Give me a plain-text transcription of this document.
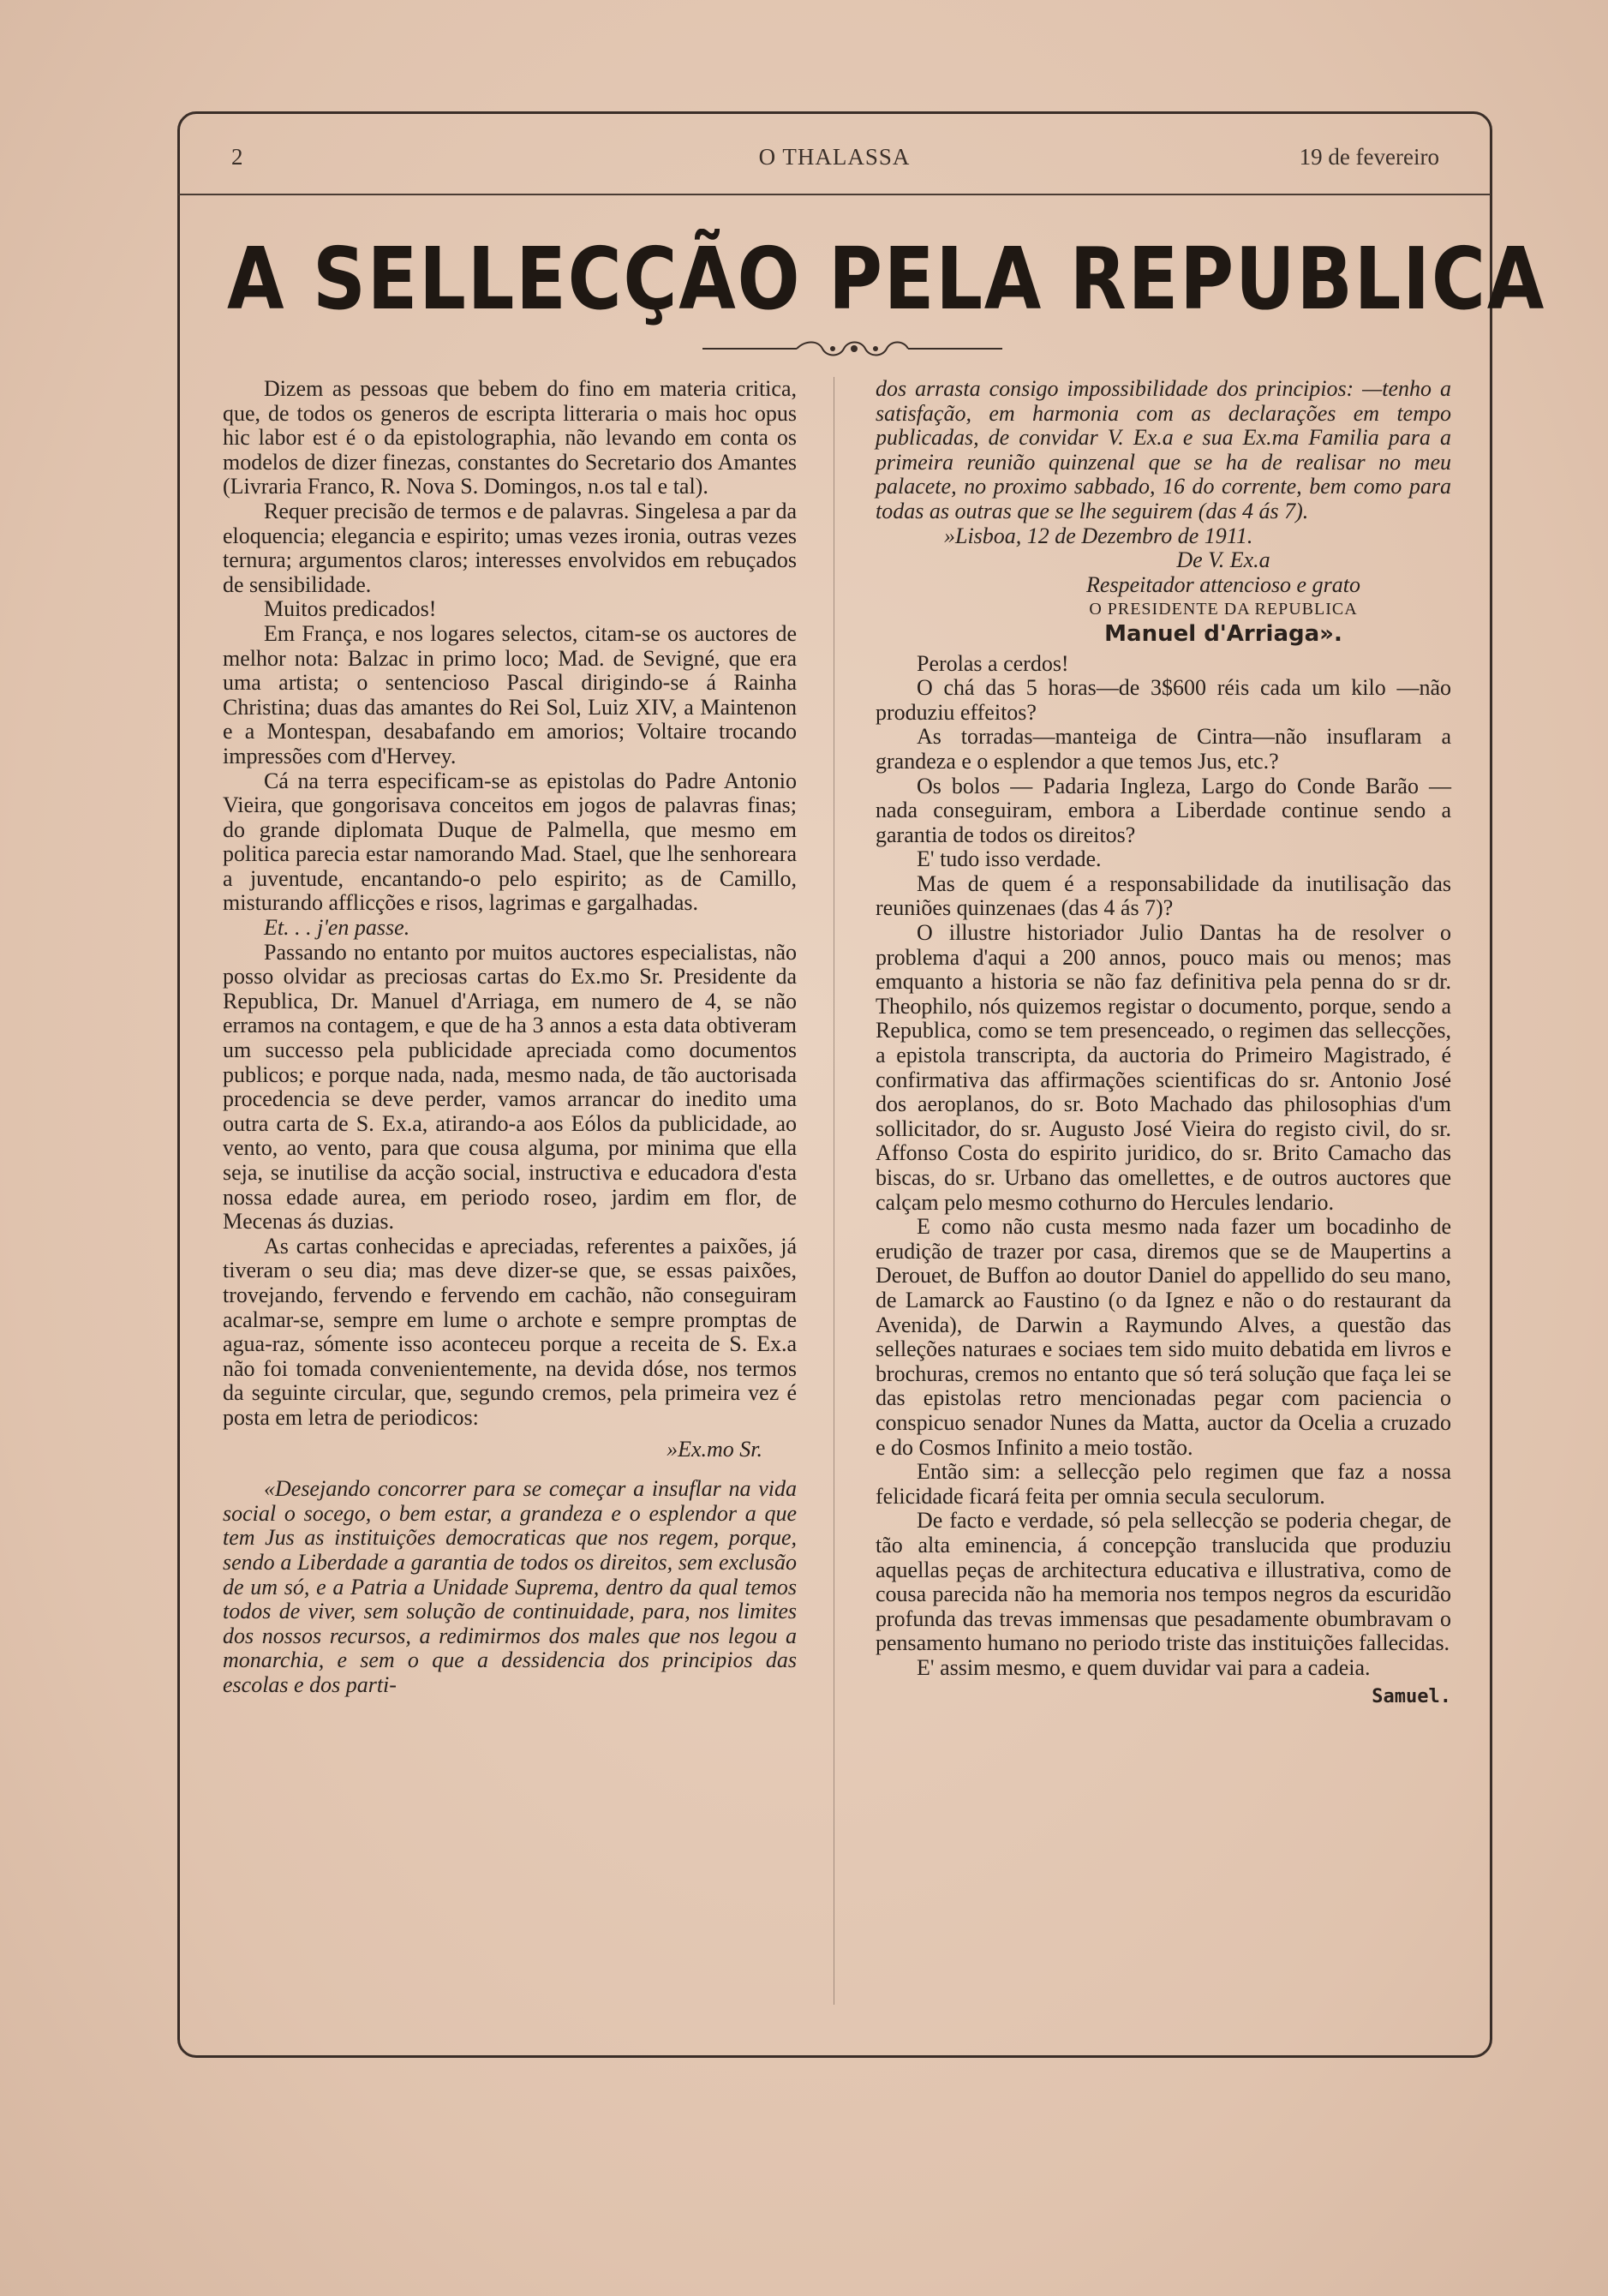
2	O THALASSA	19 de fevereiro
A SELLECÇÃO PELA REPUBLICA

Dizem as pessoas que bebem do fino em materia critica, que, de todos os generos de escripta litteraria o mais hoc opus hic labor est é o da epistolographia, não levando em conta os modelos de dizer finezas, constantes do Secretario dos Amantes (Livraria Franco, R. Nova S. Domingos, n.os tal e tal).

Requer precisão de termos e de palavras. Singelesa a par da eloquencia; elegancia e espirito; umas vezes ironia, outras vezes ternura; argumentos claros; interesses envolvidos em rebuçados de sensibilidade.

Muitos predicados!

Em França, e nos logares selectos, citam-se os auctores de melhor nota: Balzac in primo loco; Mad. de Sevigné, que era uma artista; o sentencioso Pascal dirigindo-se á Rainha Christina; duas das amantes do Rei Sol, Luiz XIV, a Maintenon e a Montespan, desabafando em amorios; Voltaire trocando impressões com d'Hervey.

Cá na terra especificam-se as epistolas do Padre Antonio Vieira, que gongorisava conceitos em jogos de palavras finas; do grande diplomata Duque de Palmella, que mesmo em politica parecia estar namorando Mad. Stael, que lhe senhoreara a juventude, encantando-o pelo espirito; as de Camillo, misturando afflicções e risos, lagrimas e gargalhadas.

Et. . . j'en passe.

Passando no entanto por muitos auctores especialistas, não posso olvidar as preciosas cartas do Ex.mo Sr. Presidente da Republica, Dr. Manuel d'Arriaga, em numero de 4, se não erramos na contagem, e que de ha 3 annos a esta data obtiveram um successo pela publicidade apreciada como documentos publicos; e porque nada, nada, mesmo nada, de tão auctorisada procedencia se deve perder, vamos arrancar do inedito uma outra carta de S. Ex.a, atirando-a aos Eólos da publicidade, ao vento, ao vento, para que cousa alguma, por minima que ella seja, se inutilise da acção social, instructiva e educadora d'esta nossa edade aurea, em periodo roseo, jardim em flor, de Mecenas ás duzias.

As cartas conhecidas e apreciadas, referentes a paixões, já tiveram o seu dia; mas deve dizer-se que, se essas paixões, trovejando, fervendo e fervendo em cachão, não conseguiram acalmar-se, sempre em lume o archote e sempre promptas de agua-raz, sómente isso aconteceu porque a receita de S. Ex.a não foi tomada convenientemente, na devida dóse, nos termos da seguinte circular, que, segundo cremos, pela primeira vez é posta em letra de periodicos:

»Ex.mo Sr.

«Desejando concorrer para se começar a insuflar na vida social o socego, o bem estar, a grandeza e o esplendor a que tem Jus as instituições democraticas que nos regem, porque, sendo a Liberdade a garantia de todos os direitos, sem exclusão de um só, e a Patria a Unidade Suprema, dentro da qual temos todos de viver, sem solução de continuidade, para, nos limites dos nossos recursos, a redimirmos dos males que nos legou a monarchia, e sem o que a dessidencia dos principios das escolas e dos parti-

dos arrasta consigo impossibilidade dos principios: —tenho a satisfação, em harmonia com as declarações em tempo publicadas, de convidar V. Ex.a e sua Ex.ma Familia para a primeira reunião quinzenal que se ha de realisar no meu palacete, no proximo sabbado, 16 do corrente, bem como para todas as outras que se lhe seguirem (das 4 ás 7).

»Lisboa, 12 de Dezembro de 1911.

De V. Ex.a

Respeitador attencioso e grato

O PRESIDENTE DA REPUBLICA

Manuel d'Arriaga».

Perolas a cerdos!

O chá das 5 horas—de 3$600 réis cada um kilo —não produziu effeitos?

As torradas—manteiga de Cintra—não insuflaram a grandeza e o esplendor a que temos Jus, etc.?

Os bolos — Padaria Ingleza, Largo do Conde Barão — nada conseguiram, embora a Liberdade continue sendo a garantia de todos os direitos?

E' tudo isso verdade.

Mas de quem é a responsabilidade da inutilisação das reuniões quinzenaes (das 4 ás 7)?

O illustre historiador Julio Dantas ha de resolver o problema d'aqui a 200 annos, pouco mais ou menos; mas emquanto a historia se não faz definitiva pela penna do sr dr. Theophilo, nós quizemos registar o documento, porque, sendo a Republica, como se tem presenceado, o regimen das sellecções, a epistola transcripta, da auctoria do Primeiro Magistrado, é confirmativa das affirmações scientificas do sr. Antonio José dos aeroplanos, do sr. Boto Machado das philosophias d'um sollicitador, do sr. Augusto José Vieira do registo civil, do sr. Affonso Costa do espirito juridico, do sr. Brito Camacho das biscas, do sr. Urbano das omellettes, e de outros auctores que calçam pelo mesmo cothurno do Hercules lendario.

E como não custa mesmo nada fazer um bocadinho de erudição de trazer por casa, diremos que se de Maupertins a Derouet, de Buffon ao doutor Daniel do appellido do seu mano, de Lamarck ao Faustino (o da Ignez e não o do restaurant da Avenida), de Darwin a Raymundo Alves, a questão das selleções naturaes e sociaes tem sido muito debatida em livros e brochuras, cremos no entanto que só terá solução que faça lei se das epistolas retro mencionadas pegar com paciencia o conspicuo senador Nunes da Matta, auctor da Ocelia a cruzado e do Cosmos Infinito a meio tostão.

Então sim: a sellecção pelo regimen que faz a nossa felicidade ficará feita per omnia secula seculorum.

De facto e verdade, só pela sellecção se poderia chegar, de tão alta eminencia, á concepção translucida que produziu aquellas peças de architectura educativa e illustrativa, como de cousa parecida não ha memoria nos tempos negros da escuridão profunda das trevas immensas que pesadamente obumbravam o pensamento humano no periodo triste das instituições fallecidas.

E' assim mesmo, e quem duvidar vai para a cadeia.

Samuel.
